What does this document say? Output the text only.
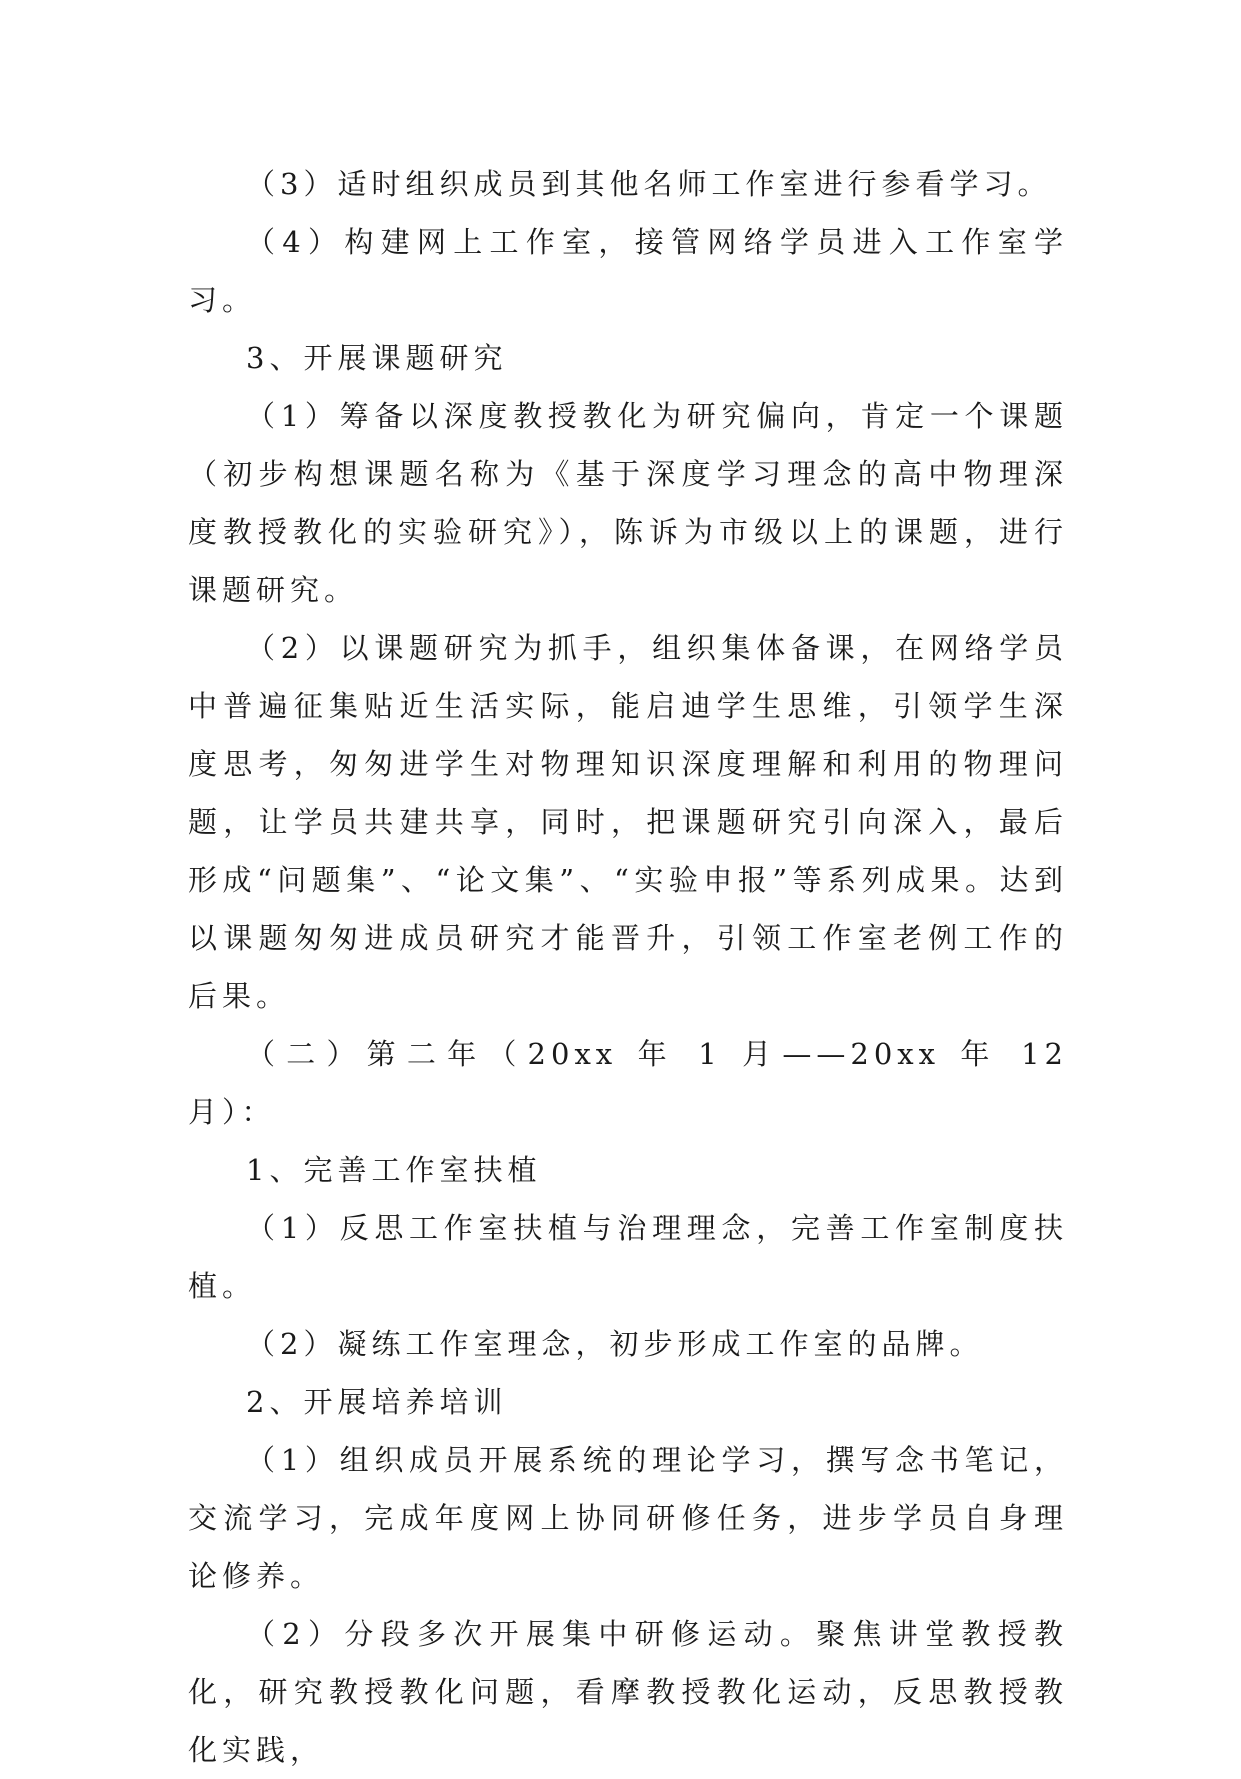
（3）适时组织成员到其他名师工作室进行参看学习。

（4）构建网上工作室，接管网络学员进入工作室学习。

3、开展课题研究

（1）筹备以深度教授教化为研究偏向，肯定一个课题（初步构想课题名称为《基于深度学习理念的高中物理深度教授教化的实验研究》），陈诉为市级以上的课题，进行课题研究。

（2）以课题研究为抓手，组织集体备课，在网络学员中普遍征集贴近生活实际，能启迪学生思维，引领学生深度思考，匆匆进学生对物理知识深度理解和利用的物理问题，让学员共建共享，同时，把课题研究引向深入，最后形成“问题集”、“论文集”、“实验申报”等系列成果。达到以课题匆匆进成员研究才能晋升，引领工作室老例工作的后果。

（二）第二年（20xx 年 1 月——20xx 年 12 月）：

1、完善工作室扶植

（1）反思工作室扶植与治理理念，完善工作室制度扶植。

（2）凝练工作室理念，初步形成工作室的品牌。

2、开展培养培训

（1）组织成员开展系统的理论学习，撰写念书笔记，交流学习，完成年度网上协同研修任务，进步学员自身理论修养。

（2）分段多次开展集中研修运动。聚焦讲堂教授教化，研究教授教化问题，看摩教授教化运动，反思教授教化实践，
